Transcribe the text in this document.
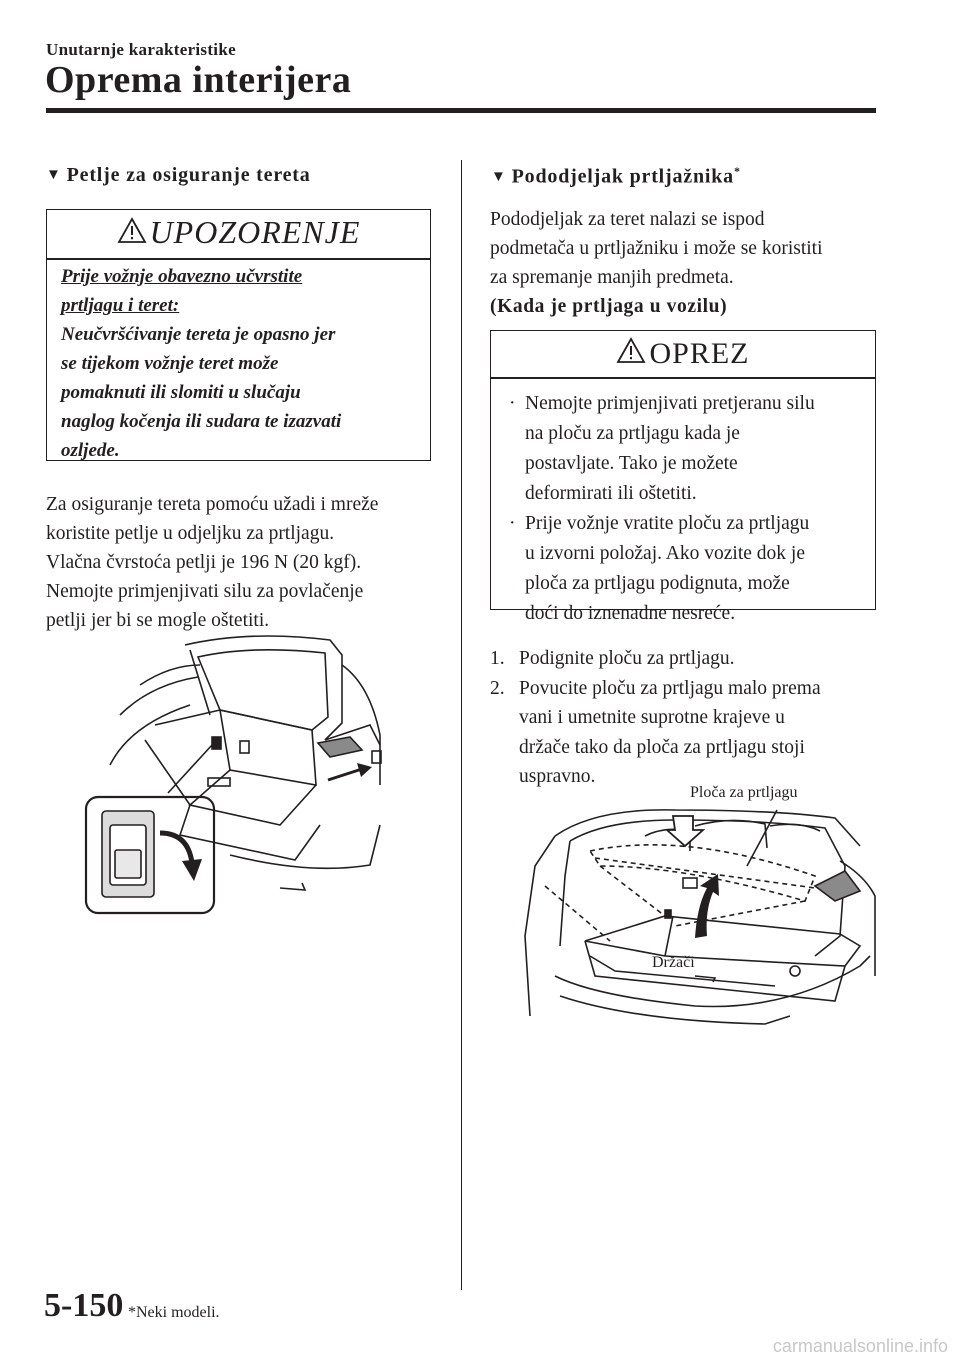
Unutarnje karakteristike
Oprema interijera
▼ Petlje za osiguranje tereta
UPOZORENJE
Prije vožnje obavezno učvrstite
prtljagu i teret:
Neučvršćivanje tereta je opasno jer
se tijekom vožnje teret može
pomaknuti ili slomiti u slučaju
naglog kočenja ili sudara te izazvati
ozljede.
Za osiguranje tereta pomoću užadi i mreže
koristite petlje u odjeljku za prtljagu.
Vlačna čvrstoća petlji je 196 N (20 kgf).
Nemojte primjenjivati silu za povlačenje
petlji jer bi se mogle oštetiti.
▼ Pododjeljak prtljažnika*
Pododjeljak za teret nalazi se ispod
podmetača u prtljažniku i može se koristiti
za spremanje manjih predmeta.
(Kada je prtljaga u vozilu)
OPREZ
· Nemojte primjenjivati pretjeranu silu
na ploču za prtljagu kada je
postavljate. Tako je možete
deformirati ili oštetiti.
· Prije vožnje vratite ploču za prtljagu
u izvorni položaj. Ako vozite dok je
ploča za prtljagu podignuta, može
doći do iznenadne nesreće.
1. Podignite ploču za prtljagu.
2. Povucite ploču za prtljagu malo prema
vani i umetnite suprotne krajeve u
držače tako da ploča za prtljagu stoji
uspravno.
Ploča za prtljagu
Držači
5-150 *Neki modeli.
carmanualsonline.info
